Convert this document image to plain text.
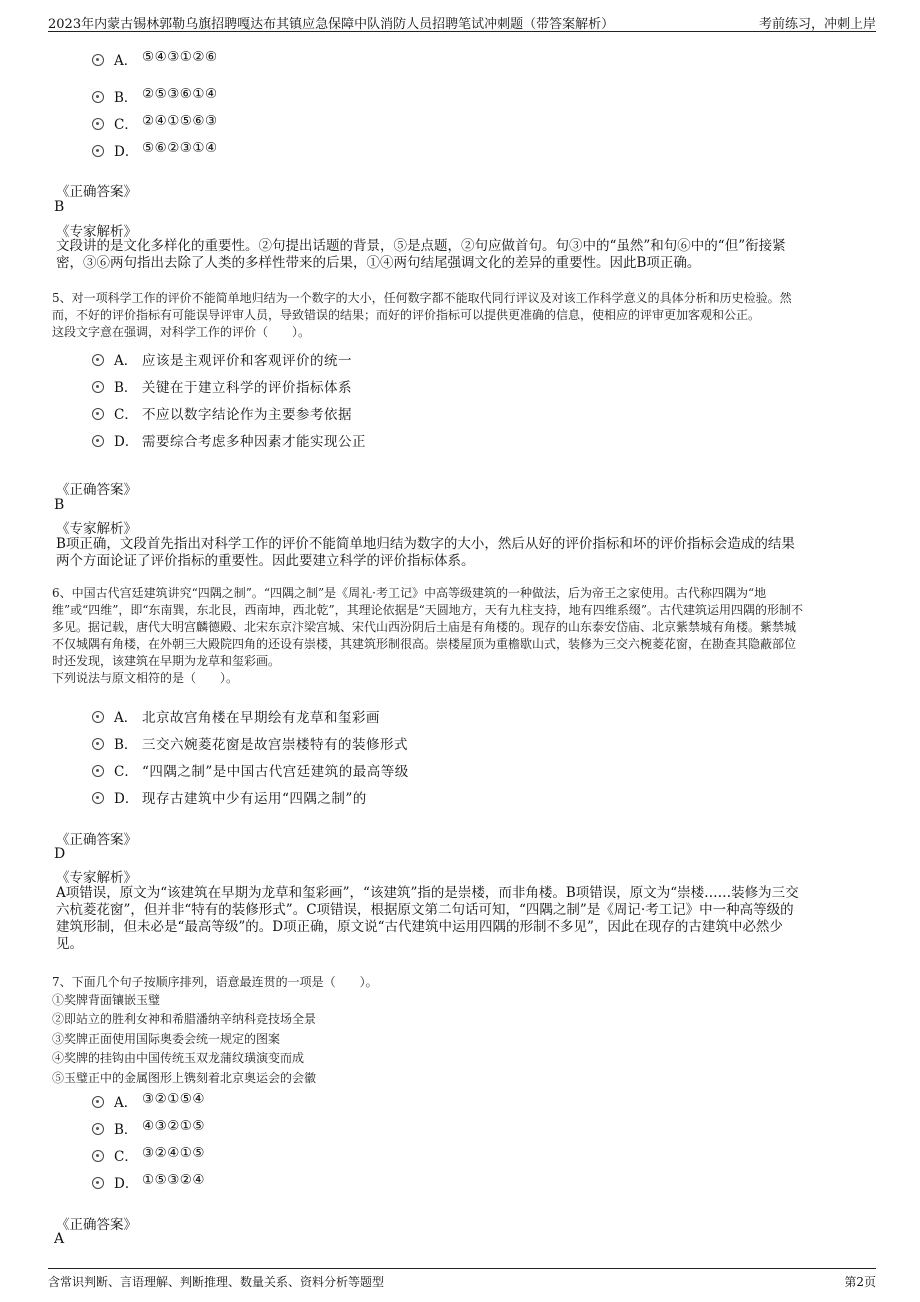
2023年内蒙古锡林郭勒乌旗招聘嘎达布其镇应急保障中队消防人员招聘笔试冲刺题（带答案解析）	考前练习，冲刺上岸
A． ⑤④③①②⑥
B． ②⑤③⑥①④
C． ②④①⑤⑥③
D． ⑤⑥②③①④
《正确答案》
B
《专家解析》
文段讲的是文化多样化的重要性。②句提出话题的背景，⑤是点题，②句应做首句。句③中的“虽然”和句⑥中的“但”衔接紧
密，③⑥两句指出去除了人类的多样性带来的后果，①④两句结尾强调文化的差异的重要性。因此B项正确。
5、对一项科学工作的评价不能简单地归结为一个数字的大小，任何数字都不能取代同行评议及对该工作科学意义的具体分析和历史检验。然
而，不好的评价指标有可能误导评审人员，导致错误的结果；而好的评价指标可以提供更准确的信息，使相应的评审更加客观和公正。
这段文字意在强调，对科学工作的评价（　　）。
A． 应该是主观评价和客观评价的统一
B． 关键在于建立科学的评价指标体系
C． 不应以数字结论作为主要参考依据
D． 需要综合考虑多种因素才能实现公正
《正确答案》
B
《专家解析》
B项正确，文段首先指出对科学工作的评价不能简单地归结为数字的大小，然后从好的评价指标和坏的评价指标会造成的结果
两个方面论证了评价指标的重要性。因此要建立科学的评价指标体系。
6、中国古代宫廷建筑讲究“四隅之制”。“四隅之制”是《周礼·考工记》中高等级建筑的一种做法，后为帝王之家使用。古代称四隅为“地
维”或“四维”，即“东南巽，东北艮，西南坤，西北乾”，其理论依据是“天圆地方，天有九柱支持，地有四维系缀”。古代建筑运用四隅的形制不
多见。据记载，唐代大明宫麟德殿、北宋东京汴梁宫城、宋代山西汾阴后土庙是有角楼的。现存的山东泰安岱庙、北京紫禁城有角楼。紫禁城
不仅城隅有角楼，在外朝三大殿院四角的还设有崇楼，其建筑形制很高。崇楼屋顶为重檐歇山式，装修为三交六椀菱花窗，在勘查其隐蔽部位
时还发现，该建筑在早期为龙草和玺彩画。
下列说法与原文相符的是（　　）。
A． 北京故宫角楼在早期绘有龙草和玺彩画
B． 三交六婉菱花窗是故宫崇楼特有的装修形式
C． “四隅之制”是中国古代宫廷建筑的最高等级
D． 现存古建筑中少有运用“四隅之制”的
《正确答案》
D
《专家解析》
A项错误，原文为“该建筑在早期为龙草和玺彩画”，“该建筑”指的是崇楼，而非角楼。B项错误，原文为“崇楼……装修为三交
六杭菱花窗”，但并非“特有的装修形式”。C项错误，根据原文第二句话可知，“四隅之制”是《周记·考工记》中一种高等级的
建筑形制，但未必是“最高等级”的。D项正确，原文说“古代建筑中运用四隅的形制不多见”，因此在现存的古建筑中必然少
见。
7、下面几个句子按顺序排列，语意最连贯的一项是（　　）。
①奖牌背面镶嵌玉璧
②即站立的胜利女神和希腊潘纳辛纳科竞技场全景
③奖牌正面使用国际奥委会统一规定的图案
④奖牌的挂钩由中国传统玉双龙蒲纹璜演变而成
⑤玉璧正中的金属图形上镌刻着北京奥运会的会徽
A． ③②①⑤④
B． ④③②①⑤
C． ③②④①⑤
D． ①⑤③②④
《正确答案》
A
含常识判断、言语理解、判断推理、数量关系、资料分析等题型	第2页
